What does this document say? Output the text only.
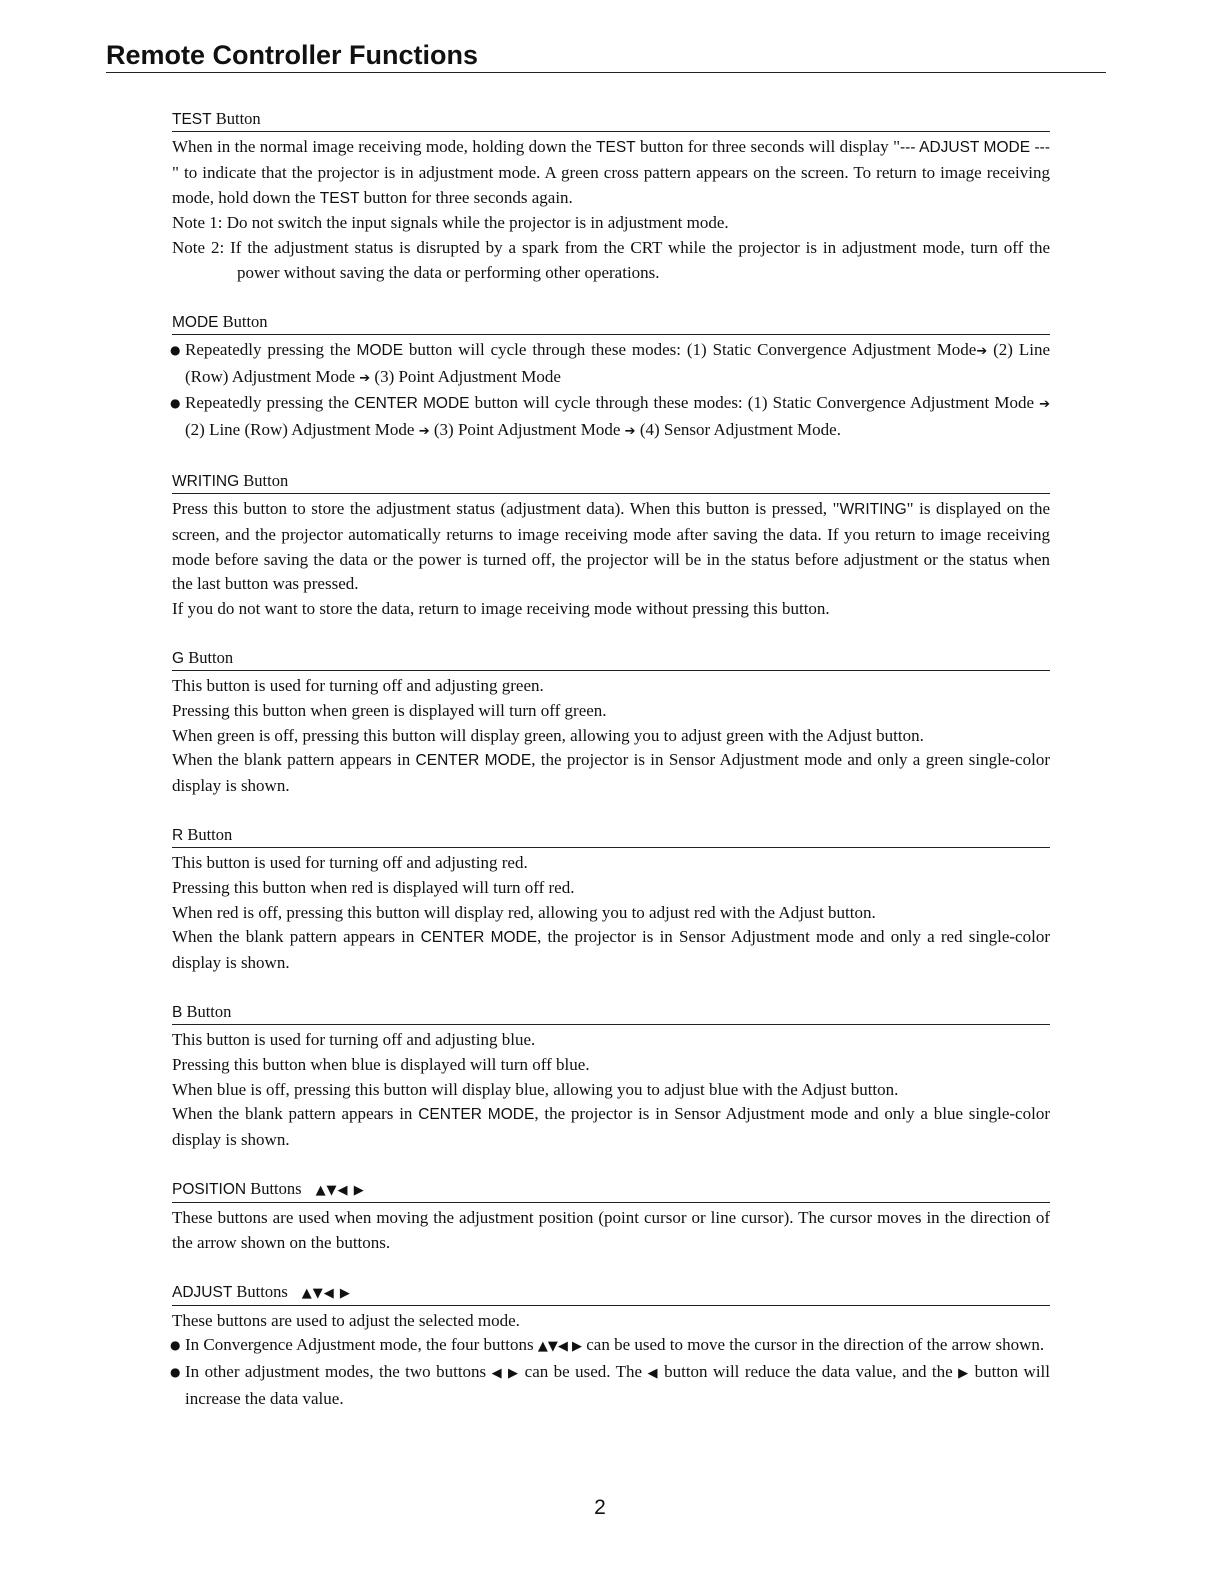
Remote Controller Functions
TEST Button

When in the normal image receiving mode, holding down the TEST button for three seconds will display "--- ADJUST MODE ---" to indicate that the projector is in adjustment mode. A green cross pattern appears on the screen. To return to image receiving mode, hold down the TEST button for three seconds again.

Note 1: Do not switch the input signals while the projector is in adjustment mode.

Note 2: If the adjustment status is disrupted by a spark from the CRT while the projector is in adjustment mode, turn off the power without saving the data or performing other operations.

MODE Button

● Repeatedly pressing the MODE button will cycle through these modes: (1) Static Convergence Adjustment Mode➔ (2) Line (Row) Adjustment Mode ➔ (3) Point Adjustment Mode

● Repeatedly pressing the CENTER MODE button will cycle through these modes: (1) Static Convergence Adjustment Mode ➔ (2) Line (Row) Adjustment Mode ➔ (3) Point Adjustment Mode ➔ (4) Sensor Adjustment Mode.

WRITING Button

Press this button to store the adjustment status (adjustment data). When this button is pressed, "WRITING" is displayed on the screen, and the projector automatically returns to image receiving mode after saving the data. If you return to image receiving mode before saving the data or the power is turned off, the projector will be in the status before adjustment or the status when the last button was pressed.

If you do not want to store the data, return to image receiving mode without pressing this button.

G Button

This button is used for turning off and adjusting green.

Pressing this button when green is displayed will turn off green.

When green is off, pressing this button will display green, allowing you to adjust green with the Adjust button.

When the blank pattern appears in CENTER MODE, the projector is in Sensor Adjustment mode and only a green single-color display is shown.

R Button

This button is used for turning off and adjusting red.

Pressing this button when red is displayed will turn off red.

When red is off, pressing this button will display red, allowing you to adjust red with the Adjust button.

When the blank pattern appears in CENTER MODE, the projector is in Sensor Adjustment mode and only a red single-color display is shown.

B Button

This button is used for turning off and adjusting blue.

Pressing this button when blue is displayed will turn off blue.

When blue is off, pressing this button will display blue, allowing you to adjust blue with the Adjust button.

When the blank pattern appears in CENTER MODE, the projector is in Sensor Adjustment mode and only a blue single-color display is shown.

POSITION Buttons ▲▼◀ ▶

These buttons are used when moving the adjustment position (point cursor or line cursor). The cursor moves in the direction of the arrow shown on the buttons.

ADJUST Buttons ▲▼◀ ▶

These buttons are used to adjust the selected mode.

● In Convergence Adjustment mode, the four buttons ▲▼◀ ▶ can be used to move the cursor in the direction of the arrow shown.

● In other adjustment modes, the two buttons ◀ ▶ can be used. The ◀ button will reduce the data value, and the ▶ button will increase the data value.

2
